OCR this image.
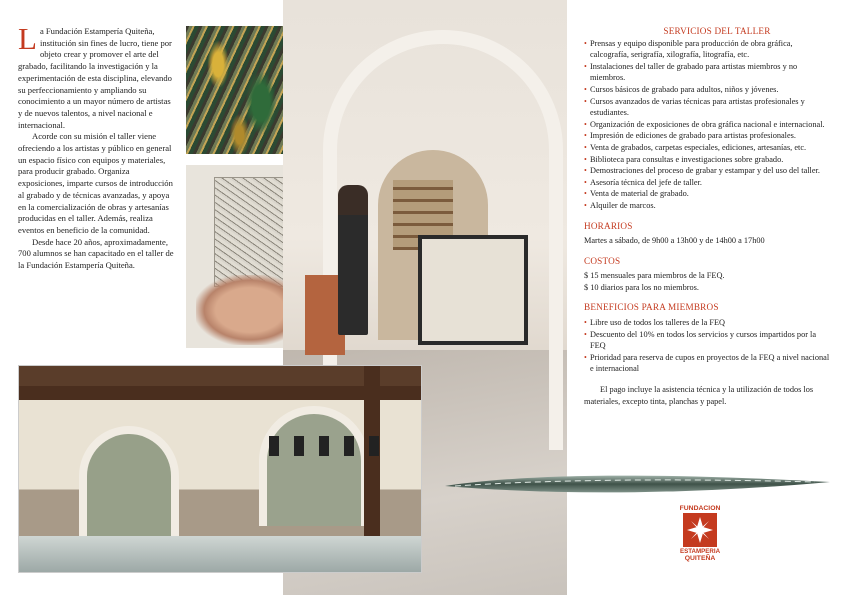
La Fundación Estampería Quiteña, institución sin fines de lucro, tiene por objeto crear y promover el arte del grabado, facilitando la investigación y la experimentación de esta disciplina, elevando su perfeccionamiento y ampliando su conocimiento a un mayor número de artistas y de nuevos talentos, a nivel nacional e internacional.

Acorde con su misión el taller viene ofreciendo a los artistas y público en general un espacio físico con equipos y materiales, para producir grabado. Organiza exposiciones, imparte cursos de introducción al grabado y de técnicas avanzadas, y apoya en la comercialización de obras y artesanías producidas en el taller. Además, realiza eventos en beneficio de la comunidad.

Desde hace 20 años, aproximadamente, 700 alumnos se han capacitado en el taller de la Fundación Estampería Quiteña.

SERVICIOS DEL TALLER
• Prensas y equipo disponible para producción de obra gráfica, calcografía, serigrafía, xilografía, litografía, etc.
• Instalaciones del taller de grabado para artistas miembros y no miembros.
• Cursos básicos de grabado para adultos, niños y jóvenes.
• Cursos avanzados de varias técnicas para artistas profesionales y estudiantes.
• Organización de exposiciones de obra gráfica nacional e internacional.
• Impresión de ediciones de grabado para artistas profesionales.
• Venta de grabados, carpetas especiales, ediciones, artesanías, etc.
• Biblioteca para consultas e investigaciones sobre grabado.
• Demostraciones del proceso de grabar y estampar y del uso del taller.
• Asesoría técnica del jefe de taller.
• Venta de material de grabado.
• Alquiler de marcos.
HORARIOS
Martes a sábado, de 9h00 a 13h00 y de 14h00 a 17h00
COSTOS
$ 15 mensuales para miembros de la FEQ.
$ 10 diarios para los no miembros.
BENEFICIOS PARA MIEMBROS
• Libre uso de todos los talleres de la FEQ
• Descuento del 10% en todos los servicios y cursos impartidos por la FEQ
• Prioridad para reserva de cupos en proyectos de la FEQ a nivel nacional e internacional

El pago incluye la asistencia técnica y la utilización de todos los materiales, excepto tinta, planchas y papel.

FUNDACION
ESTAMPERIA
QUITEÑA
